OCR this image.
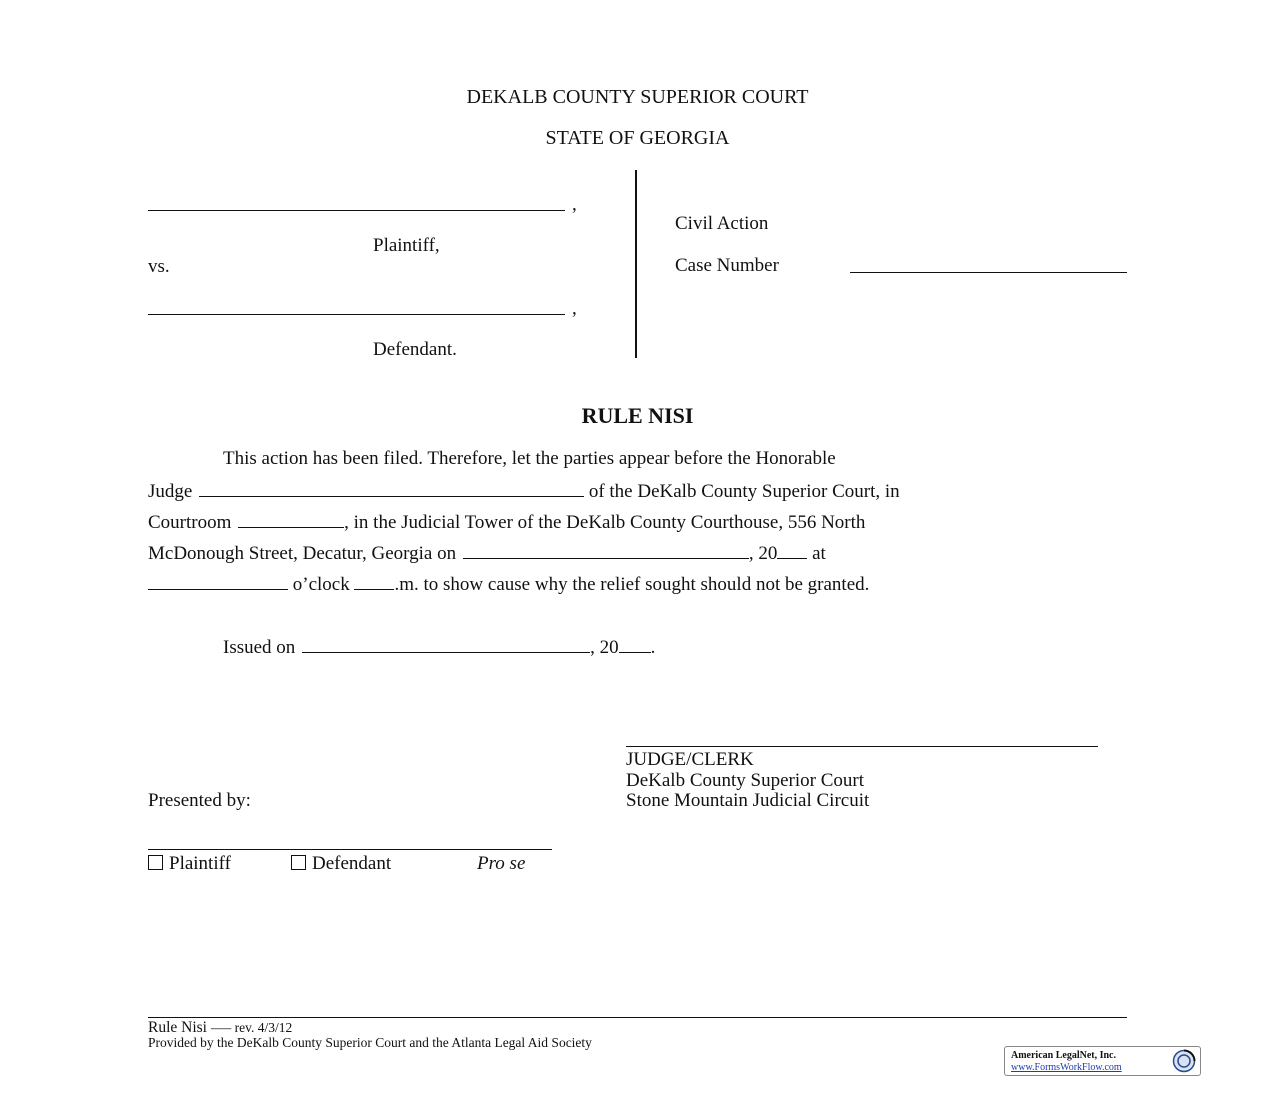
DEKALB COUNTY SUPERIOR COURT
STATE OF GEORGIA
,
Plaintiff,
vs.
,
Defendant.
Civil Action
Case Number
RULE NISI
This action has been filed. Therefore, let the parties appear before the Honorable
Judge	of the DeKalb County Superior Court, in
Courtroom	, in the Judicial Tower of the DeKalb County Courthouse, 556 North
McDonough Street, Decatur, Georgia on	, 20 at
o’clock .m. to show cause why the relief sought should not be granted.
Issued on	, 20 .
JUDGE/CLERK
DeKalb County Superior Court
Stone Mountain Judicial Circuit
Presented by:
Plaintiff	Defendant	Pro se
Rule Nisi —– rev. 4/3/12
Provided by the DeKalb County Superior Court and the Atlanta Legal Aid Society
American LegalNet, Inc.
www.FormsWorkFlow.com
